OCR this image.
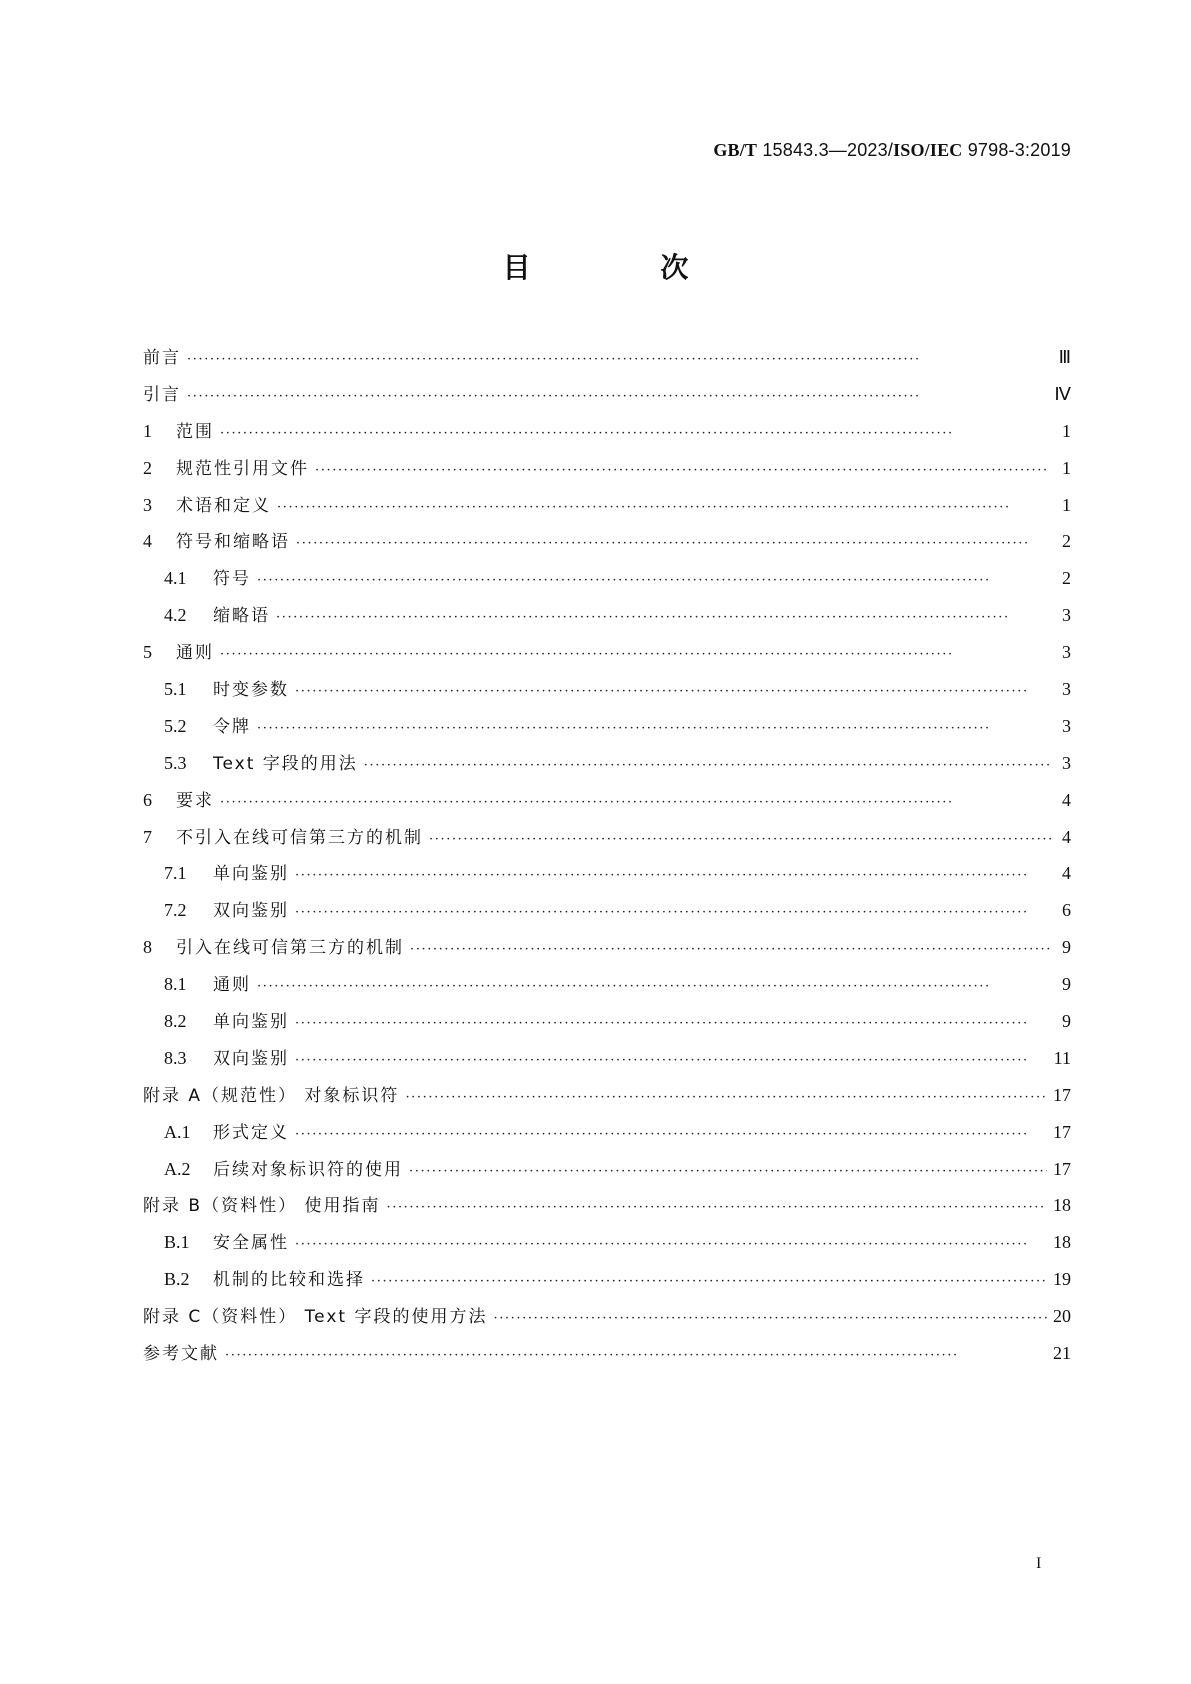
GB/T 15843.3—2023/ISO/IEC 9798-3:2019
目 次
前言 ·····	Ⅲ
引言 ·····	Ⅳ
1	范围 ·····	1
2	规范性引用文件 ·····	1
3	术语和定义 ·····	1
4	符号和缩略语 ·····	2
4.1	符号 ·····	2
4.2	缩略语 ·····	3
5	通则 ·····	3
5.1	时变参数 ·····	3
5.2	令牌 ·····	3
5.3	Text 字段的用法 ·····	3
6	要求 ·····	4
7	不引入在线可信第三方的机制 ·····	4
7.1	单向鉴别 ·····	4
7.2	双向鉴别 ·····	6
8	引入在线可信第三方的机制 ·····	9
8.1	通则 ·····	9
8.2	单向鉴别 ·····	9
8.3	双向鉴别 ·····	11
附录 A（规范性） 对象标识符 ·····	17
A.1	形式定义 ·····	17
A.2	后续对象标识符的使用 ·····	17
附录 B（资料性） 使用指南 ·····	18
B.1	安全属性 ·····	18
B.2	机制的比较和选择 ·····	19
附录 C（资料性） Text 字段的使用方法 ·····	20
参考文献 ·····	21
I
